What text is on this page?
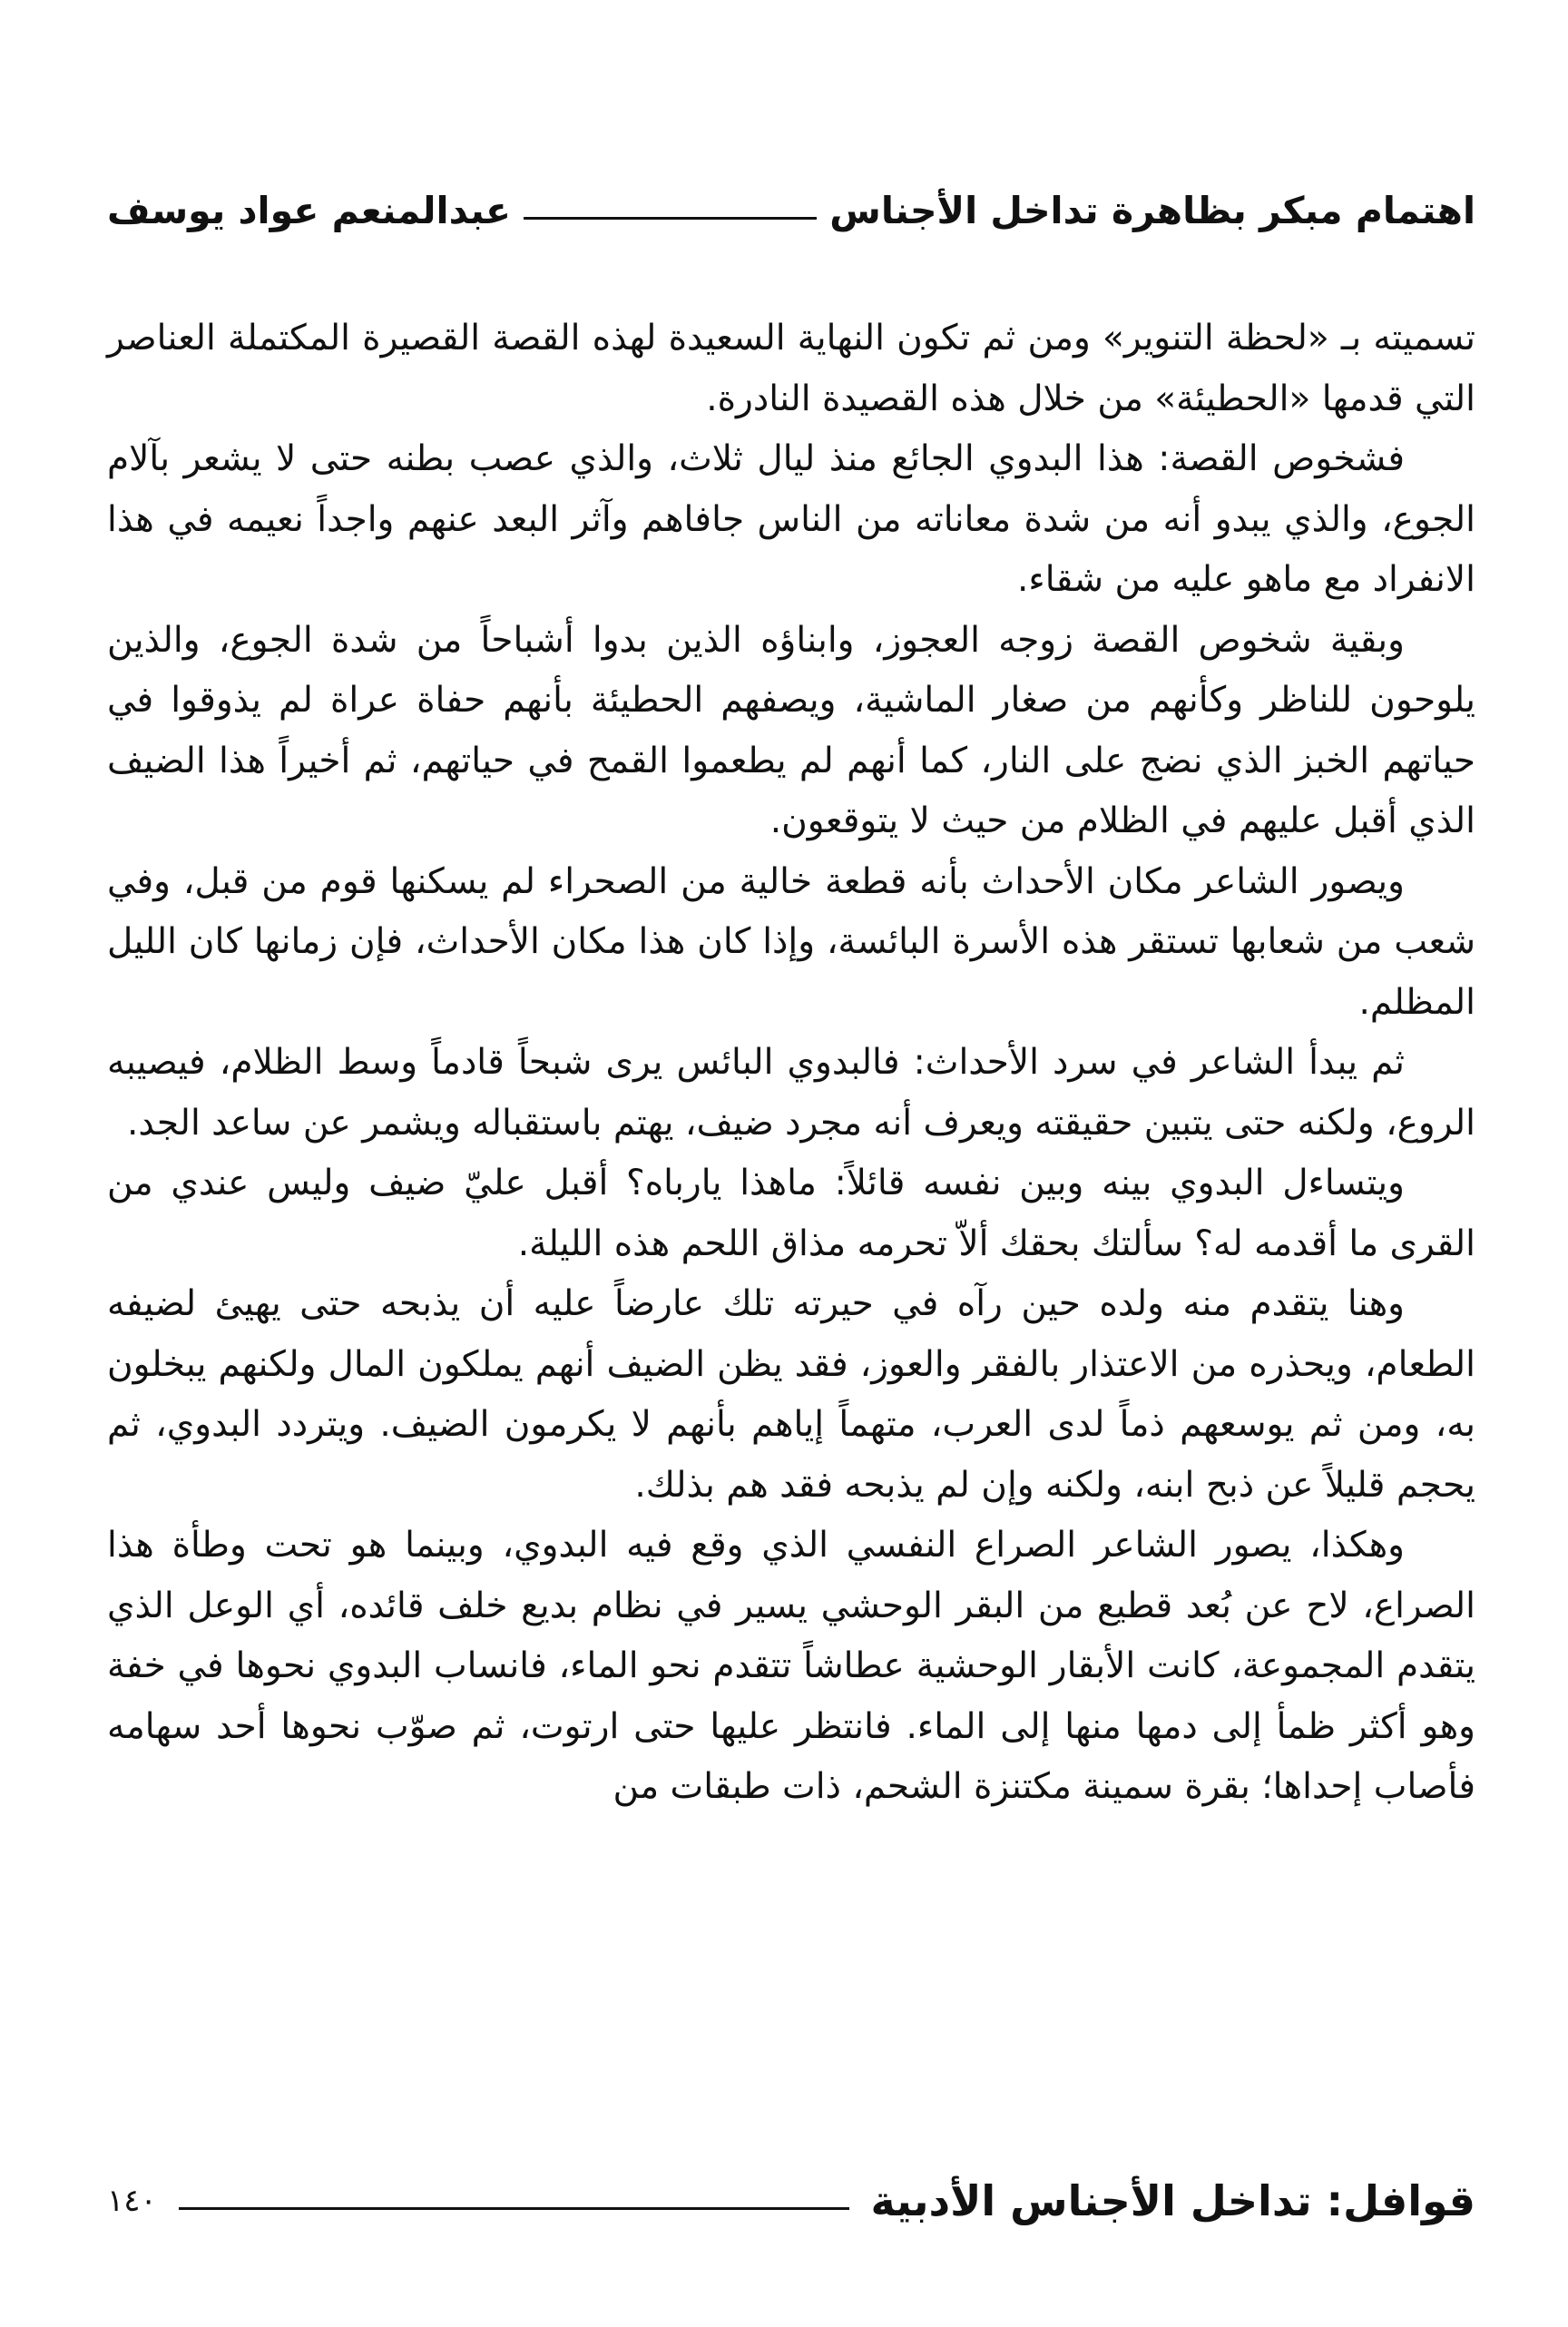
اهتمام مبكر بظاهرة تداخل الأجناس
عبدالمنعم عواد يوسف

تسميته بـ «لحظة التنوير» ومن ثم تكون النهاية السعيدة لهذه القصة القصيرة المكتملة العناصر التي قدمها «الحطيئة» من خلال هذه القصيدة النادرة.

فشخوص القصة: هذا البدوي الجائع منذ ليال ثلاث، والذي عصب بطنه حتى لا يشعر بآلام الجوع، والذي يبدو أنه من شدة معاناته من الناس جافاهم وآثر البعد عنهم واجداً نعيمه في هذا الانفراد مع ماهو عليه من شقاء.

وبقية شخوص القصة زوجه العجوز، وابناؤه الذين بدوا أشباحاً من شدة الجوع، والذين يلوحون للناظر وكأنهم من صغار الماشية، ويصفهم الحطيئة بأنهم حفاة عراة لم يذوقوا في حياتهم الخبز الذي نضج على النار، كما أنهم لم يطعموا القمح في حياتهم، ثم أخيراً هذا الضيف الذي أقبل عليهم في الظلام من حيث لا يتوقعون.

ويصور الشاعر مكان الأحداث بأنه قطعة خالية من الصحراء لم يسكنها قوم من قبل، وفي شعب من شعابها تستقر هذه الأسرة البائسة، وإذا كان هذا مكان الأحداث، فإن زمانها كان الليل المظلم.

ثم يبدأ الشاعر في سرد الأحداث: فالبدوي البائس يرى شبحاً قادماً وسط الظلام، فيصيبه الروع، ولكنه حتى يتبين حقيقته ويعرف أنه مجرد ضيف، يهتم باستقباله ويشمر عن ساعد الجد.

ويتساءل البدوي بينه وبين نفسه قائلاً: ماهذا يارباه؟ أقبل عليّ ضيف وليس عندي من القرى ما أقدمه له؟ سألتك بحقك ألاّ تحرمه مذاق اللحم هذه الليلة.

وهنا يتقدم منه ولده حين رآه في حيرته تلك عارضاً عليه أن يذبحه حتى يهيئ لضيفه الطعام، ويحذره من الاعتذار بالفقر والعوز، فقد يظن الضيف أنهم يملكون المال ولكنهم يبخلون به، ومن ثم يوسعهم ذماً لدى العرب، متهماً إياهم بأنهم لا يكرمون الضيف. ويتردد البدوي، ثم يحجم قليلاً عن ذبح ابنه، ولكنه وإن لم يذبحه فقد هم بذلك.

وهكذا، يصور الشاعر الصراع النفسي الذي وقع فيه البدوي، وبينما هو تحت وطأة هذا الصراع، لاح عن بُعد قطيع من البقر الوحشي يسير في نظام بديع خلف قائده، أي الوعل الذي يتقدم المجموعة، كانت الأبقار الوحشية عطاشاً تتقدم نحو الماء، فانساب البدوي نحوها في خفة وهو أكثر ظمأ إلى دمها منها إلى الماء. فانتظر عليها حتى ارتوت، ثم صوّب نحوها أحد سهامه فأصاب إحداها؛ بقرة سمينة مكتنزة الشحم، ذات طبقات من

قوافل: تداخل الأجناس الأدبية
١٤٠
